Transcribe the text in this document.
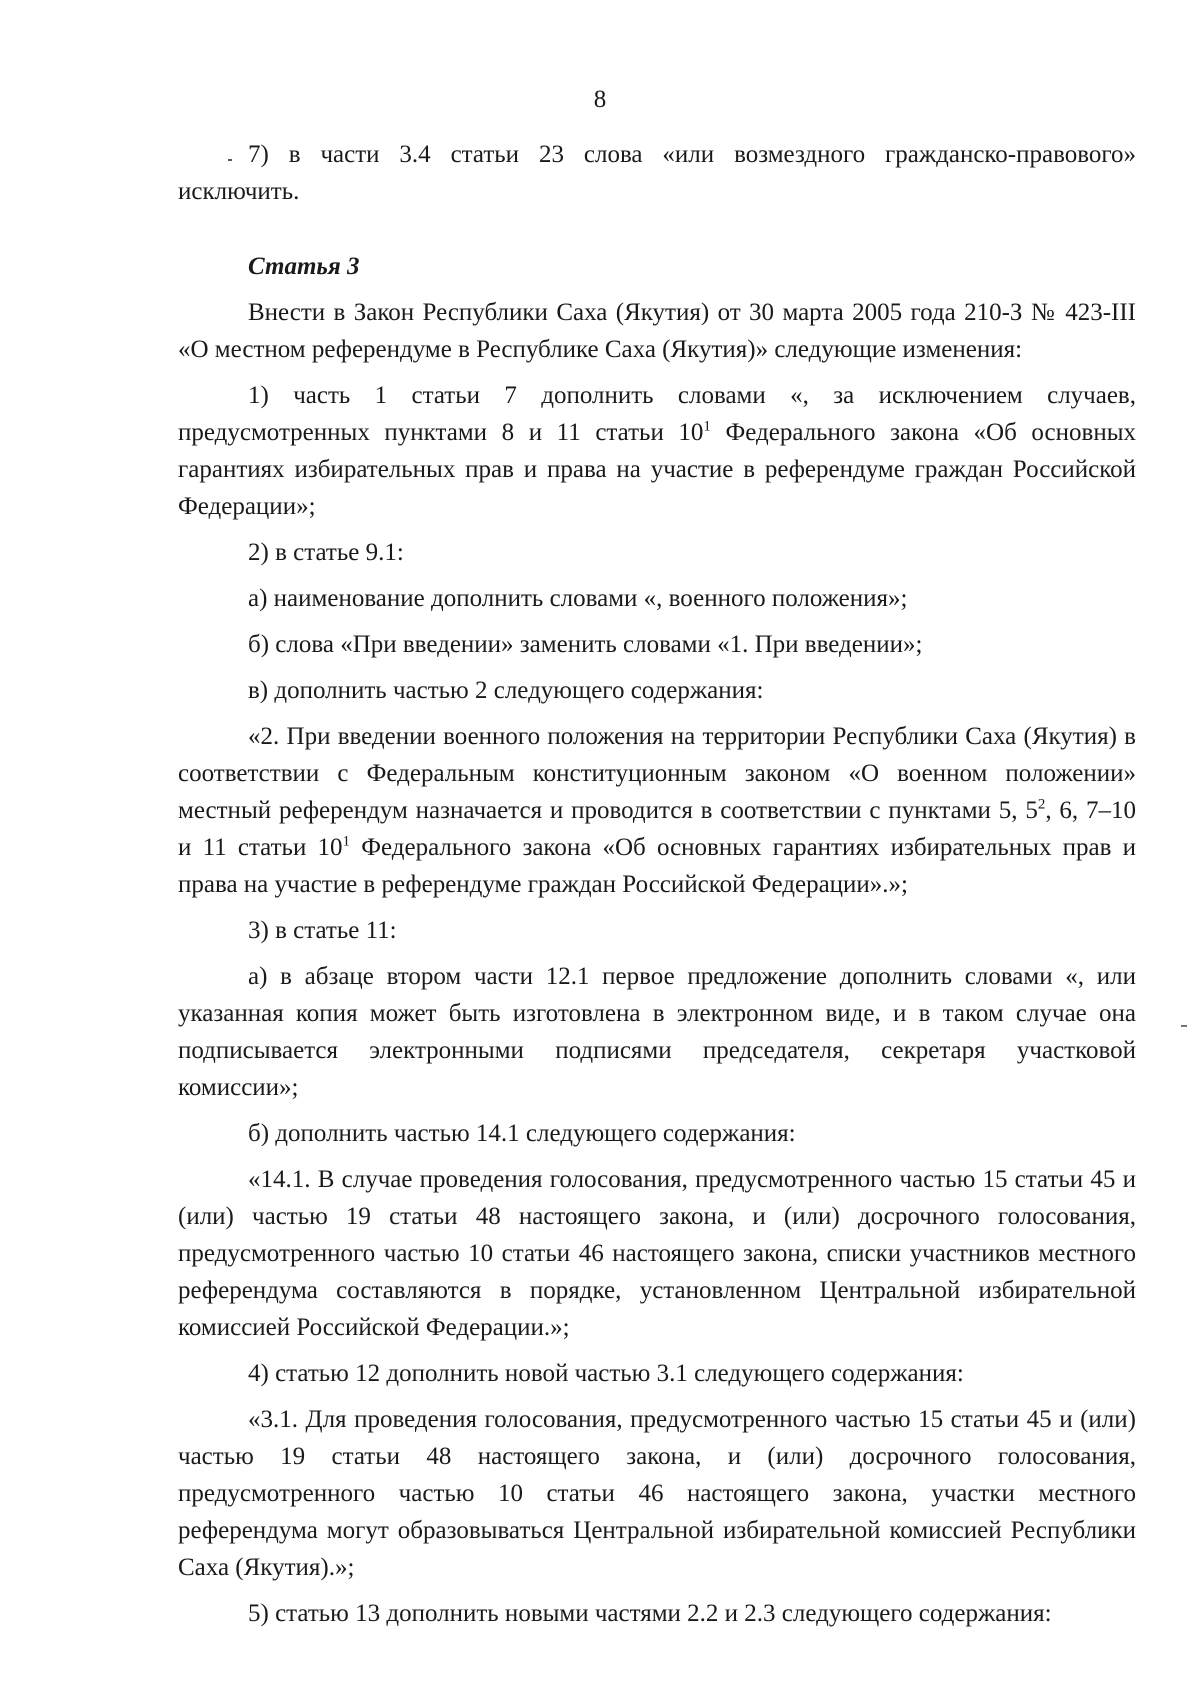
8

7) в части 3.4 статьи 23 слова «или возмездного гражданско-правового» исключить.

Статья 3

Внести в Закон Республики Саха (Якутия) от 30 марта 2005 года 210-З № 423-III «О местном референдуме в Республике Саха (Якутия)» следующие изменения:

1) часть 1 статьи 7 дополнить словами «, за исключением случаев, предусмотренных пунктами 8 и 11 статьи $10^1$ Федерального закона «Об основных гарантиях избирательных прав и права на участие в референдуме граждан Российской Федерации»;

2) в статье 9.1:

а) наименование дополнить словами «, военного положения»;

б) слова «При введении» заменить словами «1. При введении»;

в) дополнить частью 2 следующего содержания:

«2. При введении военного положения на территории Республики Саха (Якутия) в соответствии с Федеральным конституционным законом «О военном положении» местный референдум назначается и проводится в соответствии с пунктами 5, $5^2$, 6, 7–10 и 11 статьи $10^1$ Федерального закона «Об основных гарантиях избирательных прав и права на участие в референдуме граждан Российской Федерации».»;

3) в статье 11:

а) в абзаце втором части 12.1 первое предложение дополнить словами «, или указанная копия может быть изготовлена в электронном виде, и в таком случае она подписывается электронными подписями председателя, секретаря участковой комиссии»;

б) дополнить частью 14.1 следующего содержания:

«14.1. В случае проведения голосования, предусмотренного частью 15 статьи 45 и (или) частью 19 статьи 48 настоящего закона, и (или) досрочного голосования, предусмотренного частью 10 статьи 46 настоящего закона, списки участников местного референдума составляются в порядке, установленном Центральной избирательной комиссией Российской Федерации.»;

4) статью 12 дополнить новой частью 3.1 следующего содержания:

«3.1. Для проведения голосования, предусмотренного частью 15 статьи 45 и (или) частью 19 статьи 48 настоящего закона, и (или) досрочного голосования, предусмотренного частью 10 статьи 46 настоящего закона, участки местного референдума могут образовываться Центральной избирательной комиссией Республики Саха (Якутия).»;

5) статью 13 дополнить новыми частями 2.2 и 2.3 следующего содержания:
